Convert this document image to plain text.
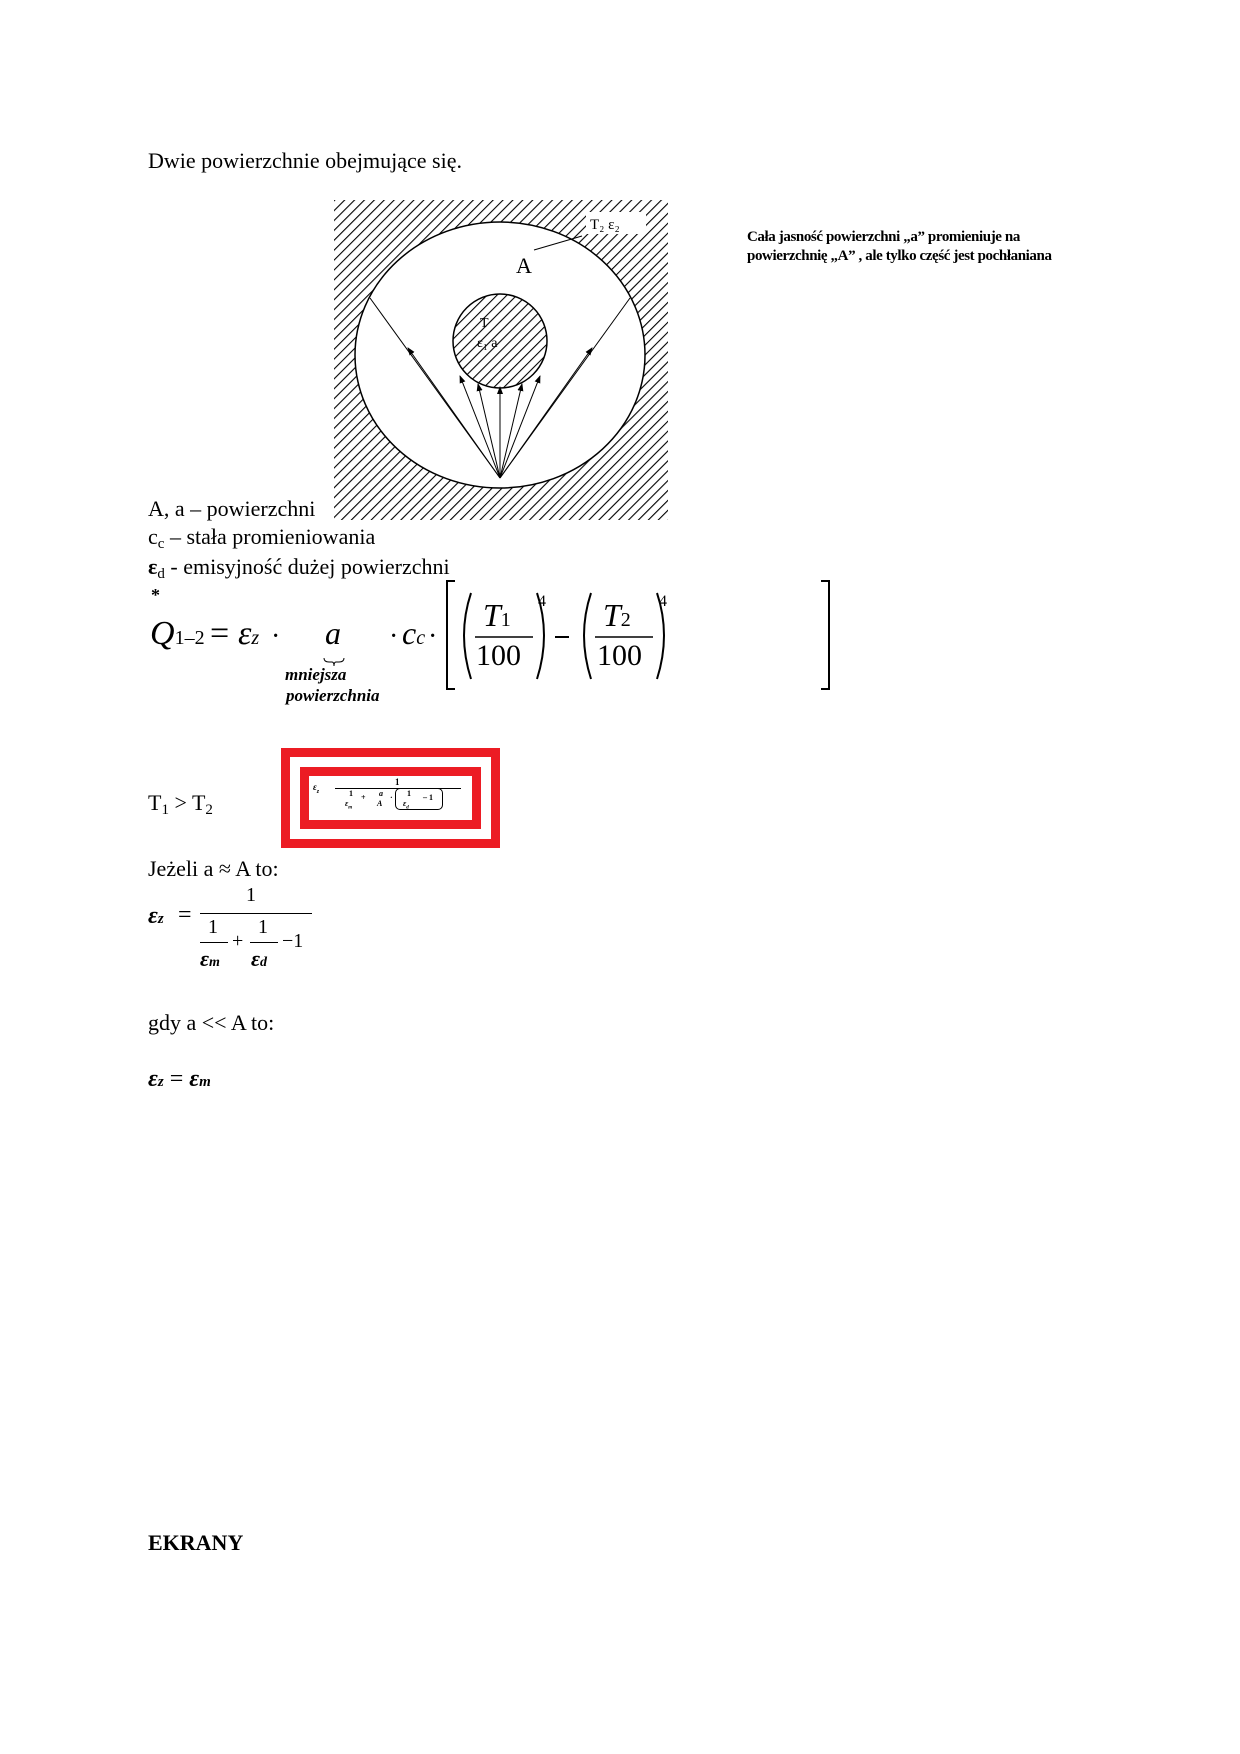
Dwie powierzchnie obejmujące się.
T₂ ε₂
A
T
ε₁ a
Cała jasność powierzchni „a” promieniuje na powierzchnię „A” , ale tylko część jest pochłaniana
A, a – powierzchni
$c_c$ – stała promieniowania
$\varepsilon_d$ - emisyjność dużej powierzchni
*
Q1–2 = εz · a
mniejsza
powierzchnia
· cc ·
T1
100
4 T2
100
4
$T_1 > T_2$
$\varepsilon_z$
1
1
$\varepsilon_m$
+ a
A
· 1
$\varepsilon_d$
– 1
Jeżeli a ≈ A to:
εz =
1
1
εm
+
1
εd
−1
gdy a << A to:
εz = εm
EKRANY
